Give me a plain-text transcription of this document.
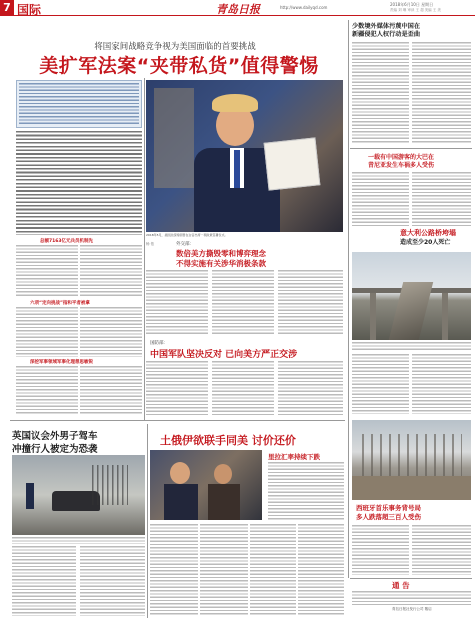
7 国际	青岛日报	http://www.dailyqd.com
2018年6月10日 星期日
责编 刘 琳 审读 王 超 美编 王 美
将国家间战略竞争视为美国面临的首要挑战
美扩军法案“夹带私货”值得警惕
2018年5月，美国总统特朗普在白宫出席一项政策签署仪式。
总额7163亿元兵员机制先
六项“定向挑战”指和平者被拿
深挖军事领域军事化理想思敏锐
杨 依	外交部：
数倍美方撕毁零和博弈理念
不得实施有关涉华消极条款
国防部：
中国军队坚决反对 已向美方严正交涉
少数境外媒体污蔑中国在
新疆侵犯人权行动是歪曲
一载有中国游客的大巴在
昔尼亚发生车祸多人受伤
意大利公路桥垮塌
造成至少20人死亡
西班牙首乐事务背号局
多人跌落超三百人受伤
英国议会外男子驾车
冲撞行人被定为恐袭
土俄伊欲联手同美 讨价还价
里拉汇率持续下跌
通 告
青岛日报社发行公司 敬启
